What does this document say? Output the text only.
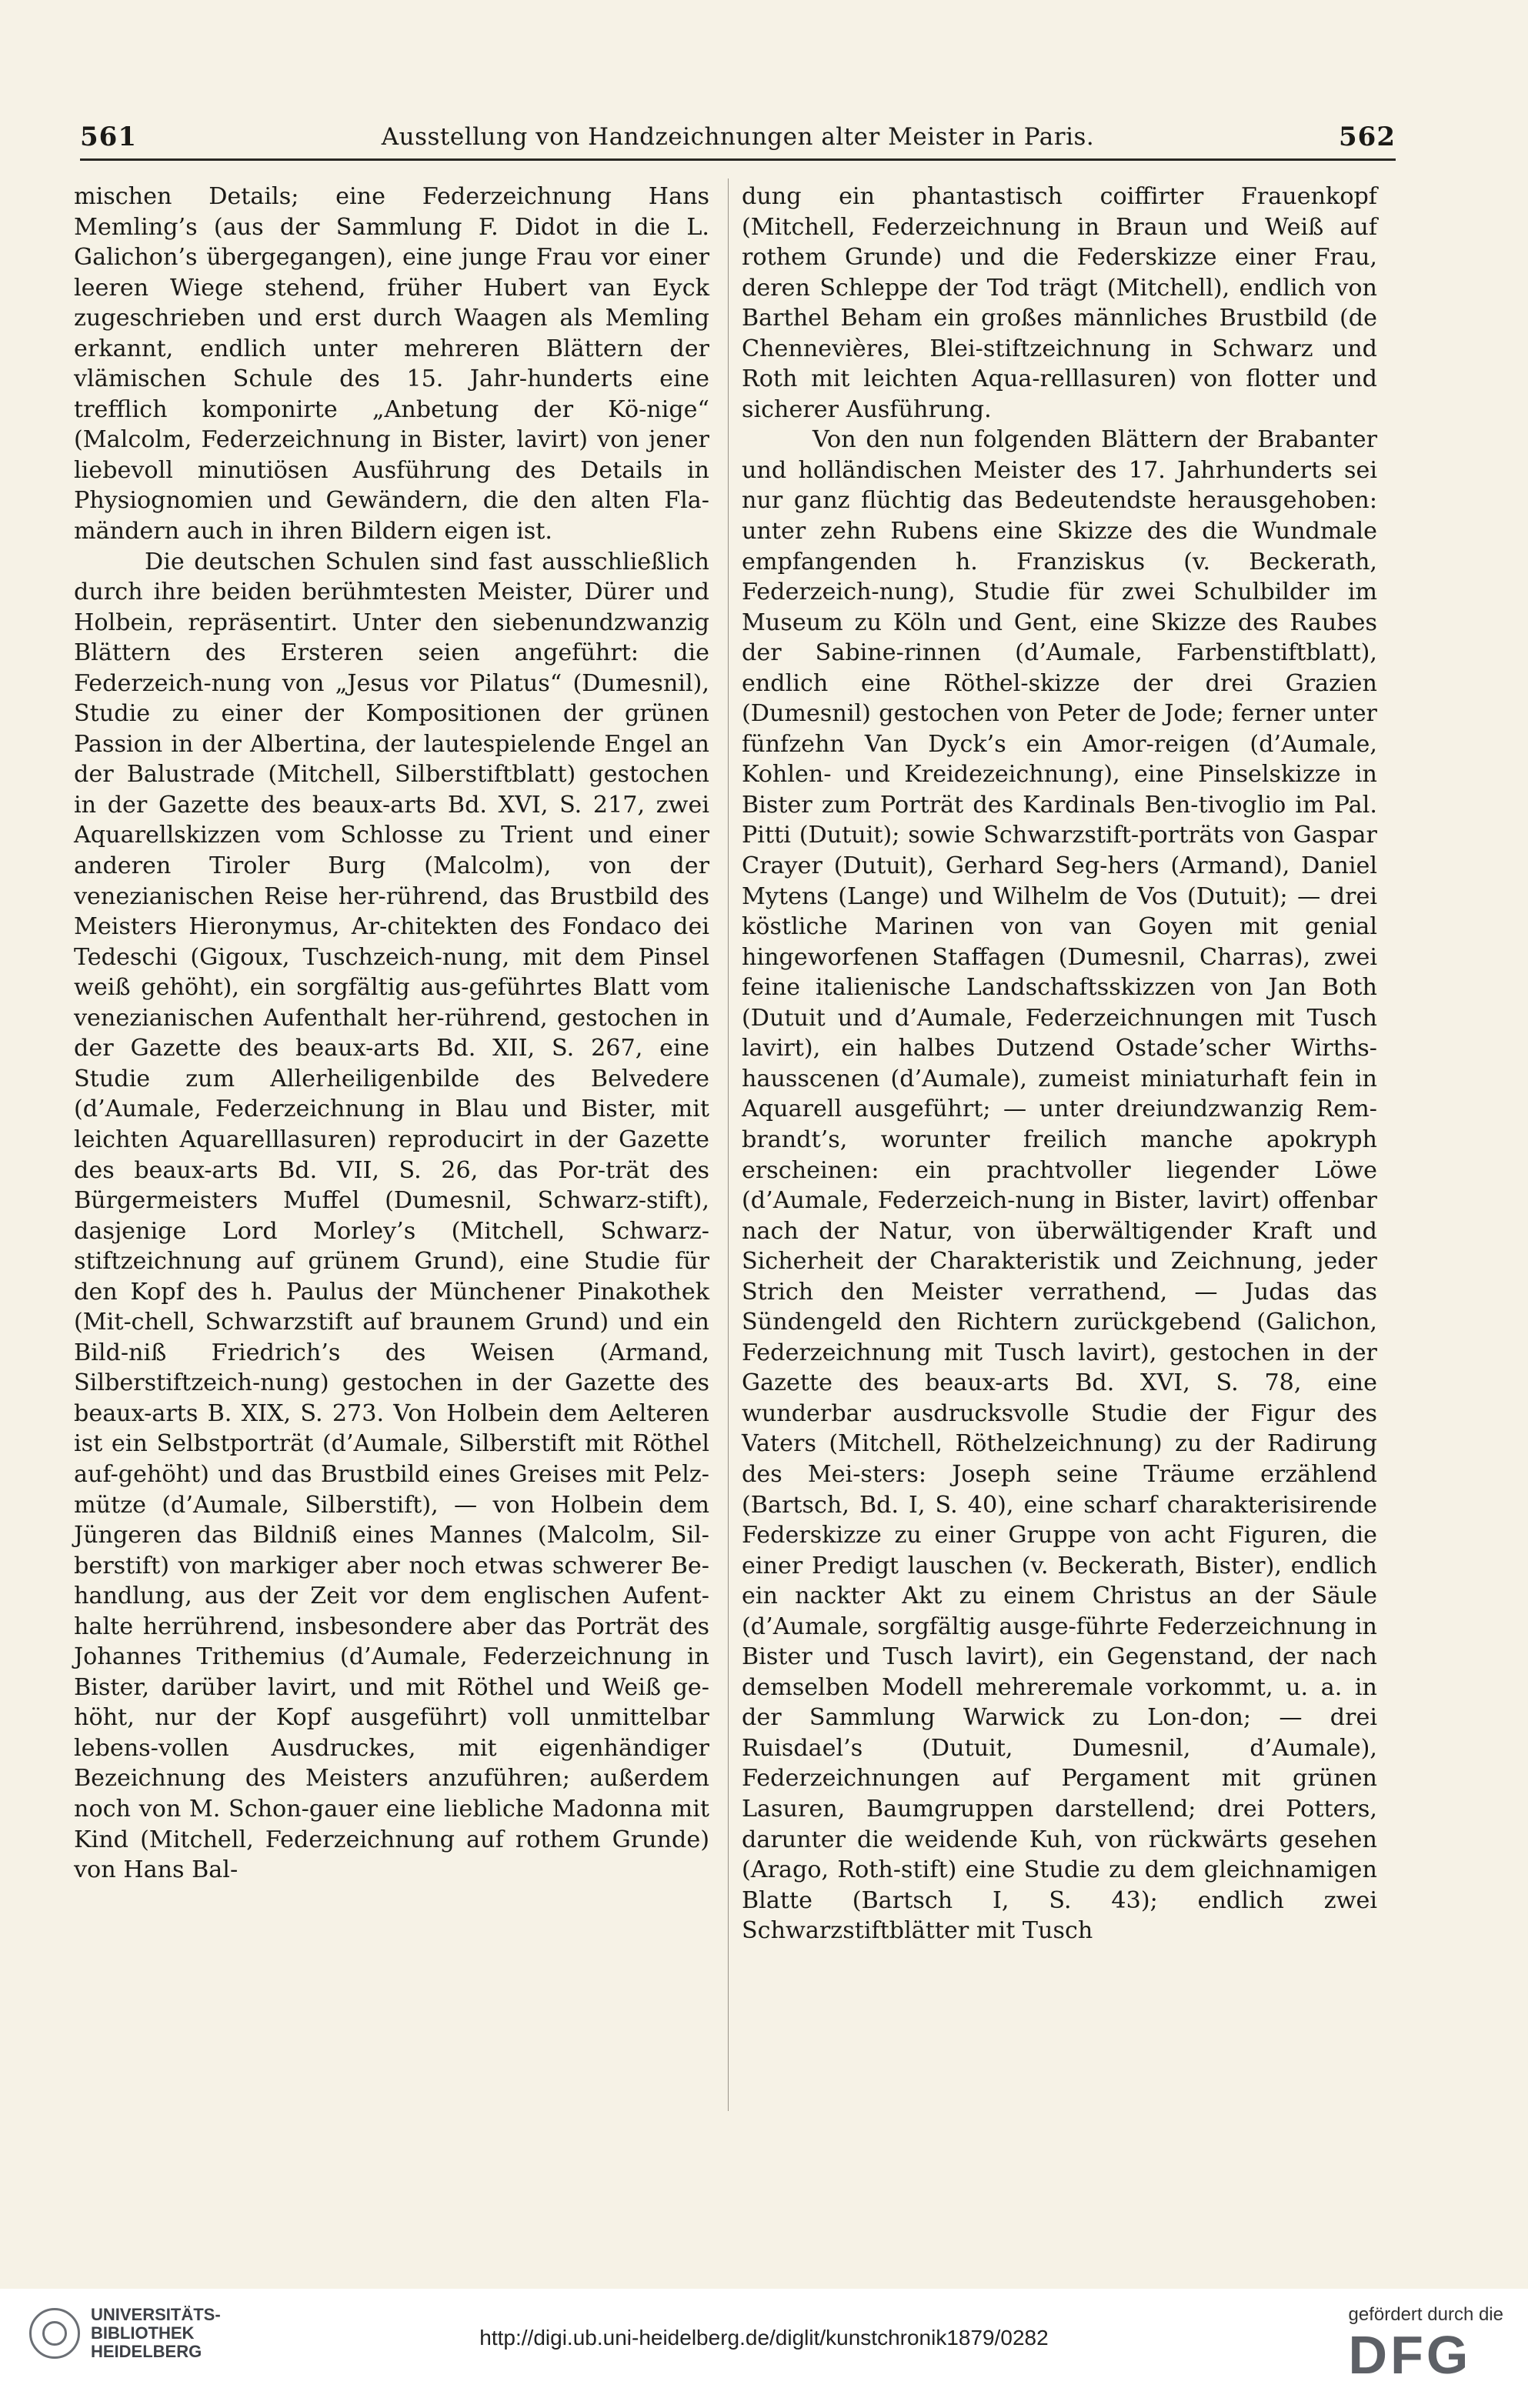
561	Ausstellung von Handzeichnungen alter Meister in Paris.	562

mischen Details; eine Federzeichnung Hans Memling’s (aus der Sammlung F. Didot in die L. Galichon’s übergegangen), eine junge Frau vor einer leeren Wiege stehend, früher Hubert van Eyck zugeschrieben und erst durch Waagen als Memling erkannt, endlich unter mehreren Blättern der vlämischen Schule des 15. Jahr-hunderts eine trefflich komponirte „Anbetung der Kö-nige“ (Malcolm, Federzeichnung in Bister, lavirt) von jener liebevoll minutiösen Ausführung des Details in Physiognomien und Gewändern, die den alten Fla-mändern auch in ihren Bildern eigen ist.

Die deutschen Schulen sind fast ausschließlich durch ihre beiden berühmtesten Meister, Dürer und Holbein, repräsentirt. Unter den siebenundzwanzig Blättern des Ersteren seien angeführt: die Federzeich-nung von „Jesus vor Pilatus“ (Dumesnil), Studie zu einer der Kompositionen der grünen Passion in der Albertina, der lautespielende Engel an der Balustrade (Mitchell, Silberstiftblatt) gestochen in der Gazette des beaux-arts Bd. XVI, S. 217, zwei Aquarellskizzen vom Schlosse zu Trient und einer anderen Tiroler Burg (Malcolm), von der venezianischen Reise her-rührend, das Brustbild des Meisters Hieronymus, Ar-chitekten des Fondaco dei Tedeschi (Gigoux, Tuschzeich-nung, mit dem Pinsel weiß gehöht), ein sorgfältig aus-geführtes Blatt vom venezianischen Aufenthalt her-rührend, gestochen in der Gazette des beaux-arts Bd. XII, S. 267, eine Studie zum Allerheiligenbilde des Belvedere (d’Aumale, Federzeichnung in Blau und Bister, mit leichten Aquarelllasuren) reproducirt in der Gazette des beaux-arts Bd. VII, S. 26, das Por-trät des Bürgermeisters Muffel (Dumesnil, Schwarz-stift), dasjenige Lord Morley’s (Mitchell, Schwarz-stiftzeichnung auf grünem Grund), eine Studie für den Kopf des h. Paulus der Münchener Pinakothek (Mit-chell, Schwarzstift auf braunem Grund) und ein Bild-niß Friedrich’s des Weisen (Armand, Silberstiftzeich-nung) gestochen in der Gazette des beaux-arts B. XIX, S. 273. Von Holbein dem Aelteren ist ein Selbstporträt (d’Aumale, Silberstift mit Röthel auf-gehöht) und das Brustbild eines Greises mit Pelz-mütze (d’Aumale, Silberstift), — von Holbein dem Jüngeren das Bildniß eines Mannes (Malcolm, Sil-berstift) von markiger aber noch etwas schwerer Be-handlung, aus der Zeit vor dem englischen Aufent-halte herrührend, insbesondere aber das Porträt des Johannes Trithemius (d’Aumale, Federzeichnung in Bister, darüber lavirt, und mit Röthel und Weiß ge-höht, nur der Kopf ausgeführt) voll unmittelbar lebens-vollen Ausdruckes, mit eigenhändiger Bezeichnung des Meisters anzuführen; außerdem noch von M. Schon-gauer eine liebliche Madonna mit Kind (Mitchell, Federzeichnung auf rothem Grunde) von Hans Bal-

dung ein phantastisch coiffirter Frauenkopf (Mitchell, Federzeichnung in Braun und Weiß auf rothem Grunde) und die Federskizze einer Frau, deren Schleppe der Tod trägt (Mitchell), endlich von Barthel Beham ein großes männliches Brustbild (de Chennevières, Blei-stiftzeichnung in Schwarz und Roth mit leichten Aqua-relllasuren) von flotter und sicherer Ausführung.

Von den nun folgenden Blättern der Brabanter und holländischen Meister des 17. Jahrhunderts sei nur ganz flüchtig das Bedeutendste herausgehoben: unter zehn Rubens eine Skizze des die Wundmale empfangenden h. Franziskus (v. Beckerath, Federzeich-nung), Studie für zwei Schulbilder im Museum zu Köln und Gent, eine Skizze des Raubes der Sabine-rinnen (d’Aumale, Farbenstiftblatt), endlich eine Röthel-skizze der drei Grazien (Dumesnil) gestochen von Peter de Jode; ferner unter fünfzehn Van Dyck’s ein Amor-reigen (d’Aumale, Kohlen- und Kreidezeichnung), eine Pinselskizze in Bister zum Porträt des Kardinals Ben-tivoglio im Pal. Pitti (Dutuit); sowie Schwarzstift-porträts von Gaspar Crayer (Dutuit), Gerhard Seg-hers (Armand), Daniel Mytens (Lange) und Wilhelm de Vos (Dutuit); — drei köstliche Marinen von van Goyen mit genial hingeworfenen Staffagen (Dumesnil, Charras), zwei feine italienische Landschaftsskizzen von Jan Both (Dutuit und d’Aumale, Federzeichnungen mit Tusch lavirt), ein halbes Dutzend Ostade’scher Wirths-hausscenen (d’Aumale), zumeist miniaturhaft fein in Aquarell ausgeführt; — unter dreiundzwanzig Rem-brandt’s, worunter freilich manche apokryph erscheinen: ein prachtvoller liegender Löwe (d’Aumale, Federzeich-nung in Bister, lavirt) offenbar nach der Natur, von überwältigender Kraft und Sicherheit der Charakteristik und Zeichnung, jeder Strich den Meister verrathend, — Judas das Sündengeld den Richtern zurückgebend (Galichon, Federzeichnung mit Tusch lavirt), gestochen in der Gazette des beaux-arts Bd. XVI, S. 78, eine wunderbar ausdrucksvolle Studie der Figur des Vaters (Mitchell, Röthelzeichnung) zu der Radirung des Mei-sters: Joseph seine Träume erzählend (Bartsch, Bd. I, S. 40), eine scharf charakterisirende Federskizze zu einer Gruppe von acht Figuren, die einer Predigt lauschen (v. Beckerath, Bister), endlich ein nackter Akt zu einem Christus an der Säule (d’Aumale, sorgfältig ausge-führte Federzeichnung in Bister und Tusch lavirt), ein Gegenstand, der nach demselben Modell mehreremale vorkommt, u. a. in der Sammlung Warwick zu Lon-don; — drei Ruisdael’s (Dutuit, Dumesnil, d’Aumale), Federzeichnungen auf Pergament mit grünen Lasuren, Baumgruppen darstellend; drei Potters, darunter die weidende Kuh, von rückwärts gesehen (Arago, Roth-stift) eine Studie zu dem gleichnamigen Blatte (Bartsch I, S. 43); endlich zwei Schwarzstiftblätter mit Tusch

UNIVERSITÄTS-
BIBLIOTHEK
HEIDELBERG
http://digi.ub.uni-heidelberg.de/diglit/kunstchronik1879/0282
gefördert durch die
DFG
